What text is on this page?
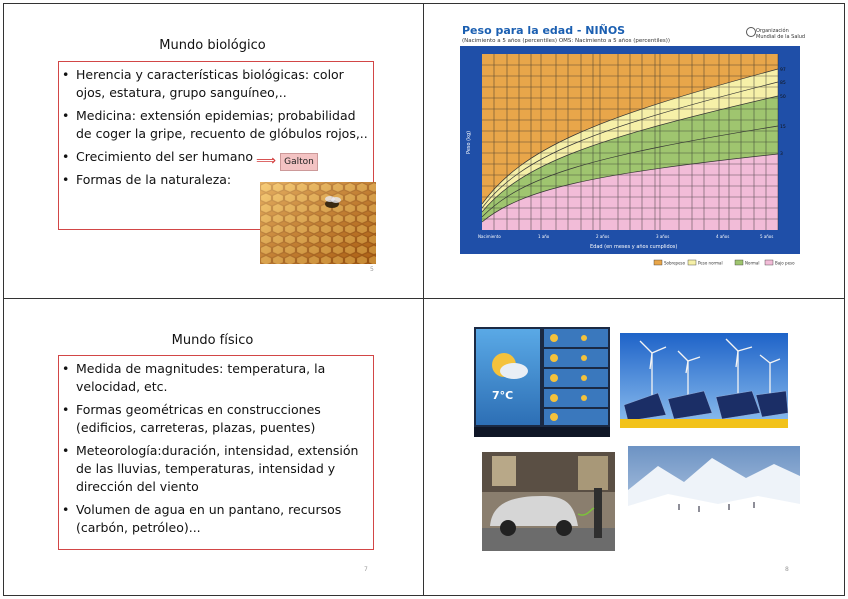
Mundo biológico
• Herencia y características biológicas: color ojos, estatura, grupo sanguíneo,..
• Medicina: extensión epidemias; probabilidad de coger la gripe, recuento de glóbulos rojos,..
• Crecimiento del ser humano
• Formas de la naturaleza:
⟹ Galton
5
Peso para la edad - NIÑOS
(Nacimiento a 5 años (percentiles) OMS: Nacimiento a 5 años (percentiles))
Organización
Mundial de la Salud
97
85
50
15
3
Peso (kg)
Nacimiento	1 año	2 años	3 años	4 años	5 años
Edad (en meses y años cumplidos)
Sobrepeso	Peso normal	Normal	Bajo peso
Mundo físico
• Medida de magnitudes: temperatura, la velocidad, etc.
• Formas geométricas en construcciones (edificios, carreteras, plazas, puentes)
• Meteorología:duración, intensidad, extensión de las lluvias, temperaturas, intensidad y dirección del viento
• Volumen de agua en un pantano, recursos (carbón, petróleo)...
7
7°C
8
